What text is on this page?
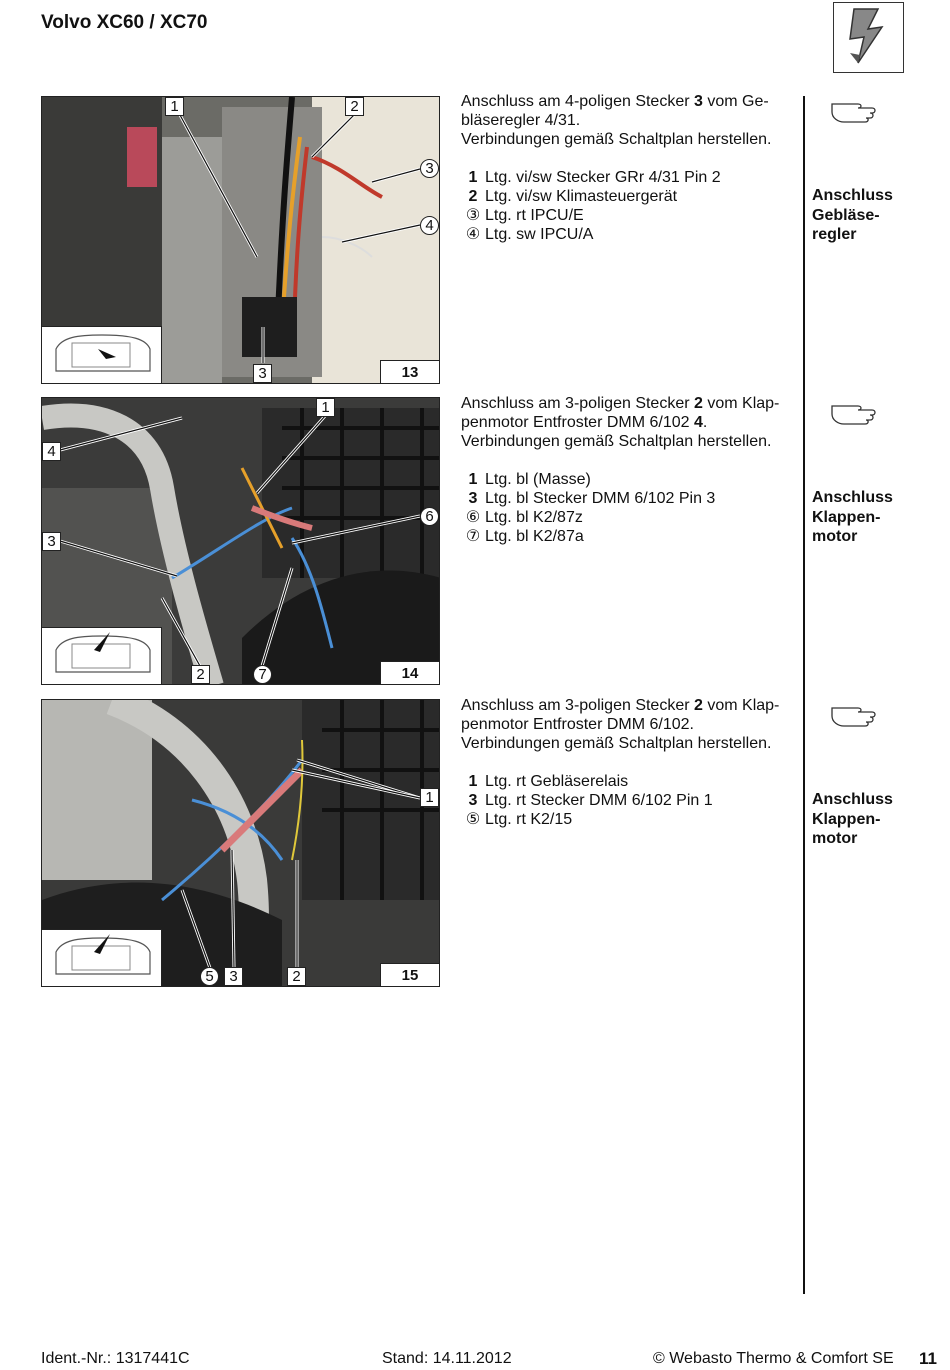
Volvo XC60 / XC70
1	2
3
4
3	13

Anschluss am 4-poligen Stecker 3 vom Ge-

bläseregler 4/31.

Verbindungen gemäß Schaltplan herstellen.

1 Ltg. vi/sw Stecker GRr 4/31 Pin 2
2 Ltg. vi/sw Klimasteuergerät
③ Ltg. rt IPCU/E
④ Ltg. sw IPCU/A
Anschluss
Gebläse-
regler
1
4
6
3
2	7	14

Anschluss am 3-poligen Stecker 2 vom Klap-

penmotor Entfroster DMM 6/102 4.

Verbindungen gemäß Schaltplan herstellen.

1 Ltg. bl (Masse)
3 Ltg. bl Stecker DMM 6/102 Pin 3
⑥ Ltg. bl K2/87z
⑦ Ltg. bl K2/87a
Anschluss
Klappen-
motor
1
5	3	2	15

Anschluss am 3-poligen Stecker 2 vom Klap-

penmotor Entfroster DMM 6/102.

Verbindungen gemäß Schaltplan herstellen.

1 Ltg. rt Gebläserelais
3 Ltg. rt Stecker DMM 6/102 Pin 1
⑤ Ltg. rt K2/15
Anschluss
Klappen-
motor
Ident.-Nr.: 1317441C	Stand: 14.11.2012	© Webasto Thermo & Comfort SE 11
